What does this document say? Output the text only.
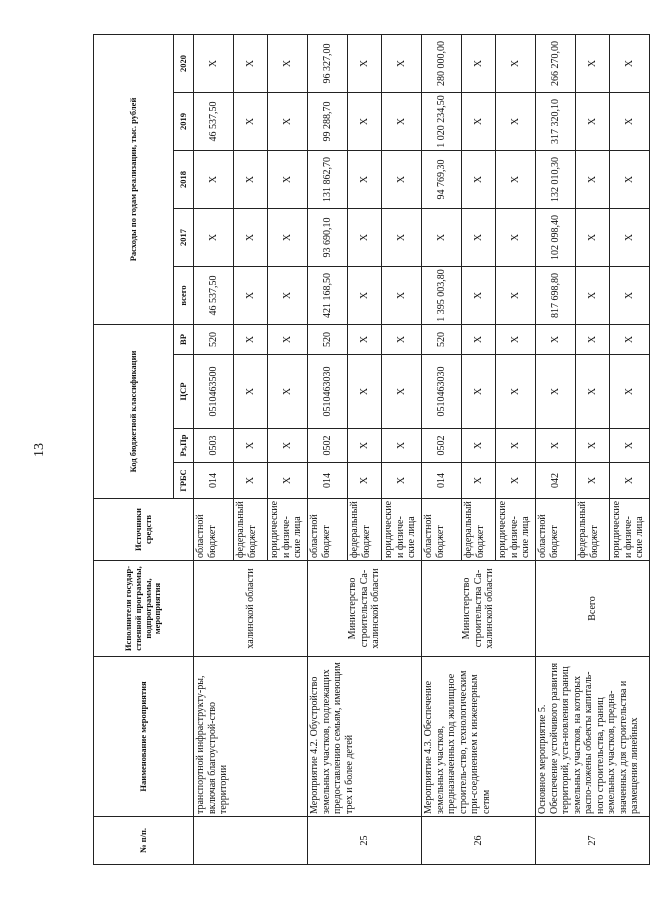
13
№ п/п.	Наименование мероприятия	Исполнители государ-ственной программы, подпрограммы, мероприятия	Источники средств	Код бюджетной классификации				Расходы по годам реализации, тыс. рублей				

				ГРБС	Рз,Пр	ЦСР	ВР	всего	2017	2018	2019	2020
	транспортной инфраструкту-ры, включая благоустрой-ство территории	халинской области	областной бюджет	014	0503	0510463500	520	46 537,50	Х	Х	46 537,50	Х
			федеральный бюджет	Х	Х	Х	Х	Х	Х	Х	Х	Х
			юридические и физиче-ские лица	Х	Х	Х	Х	Х	Х	Х	Х	Х
25	Мероприятие 4.2. Обустройство земельных участков, подлежащих предоставлению семьям, имеющим трех и более детей	Министерство строительства Са-халинской области	областной бюджет	014	0502	0510463030	520	421 168,50	93 690,10	131 862,70	99 288,70	96 327,00
			федеральный бюджет	Х	Х	Х	Х	Х	Х	Х	Х	Х
			юридические и физиче-ские лица	Х	Х	Х	Х	Х	Х	Х	Х	Х
26	Мероприятие 4.3. Обеспечение земельных участков, предназначенных под жилищное строитель-ство, технологическим при-соединением к инженерным сетям	Министерство строительства Са-халинской области	областной бюджет	014	0502	0510463030	520	1 395 003,80	Х	94 769,30	1 020 234,50	280 000,00
			федеральный бюджет	Х	Х	Х	Х	Х	Х	Х	Х	Х
			юридические и физиче-ские лица	Х	Х	Х	Х	Х	Х	Х	Х	Х
27	Основное мероприятие 5. Обеспечение устойчивого развития территорий, уста-новления границ земельных участков, на которых распо-ложены объекты капиталь-ного строительства, границ земельных участков, предна-значенных для строительства и размещения линейных	Всего	областной бюджет	042	Х	Х	Х	817 698,80	102 098,40	132 010,30	317 320,10	266 270,00
			федеральный бюджет	Х	Х	Х	Х	Х	Х	Х	Х	Х
			юридические и физиче-ские лица	Х	Х	Х	Х	Х	Х	Х	Х	Х
